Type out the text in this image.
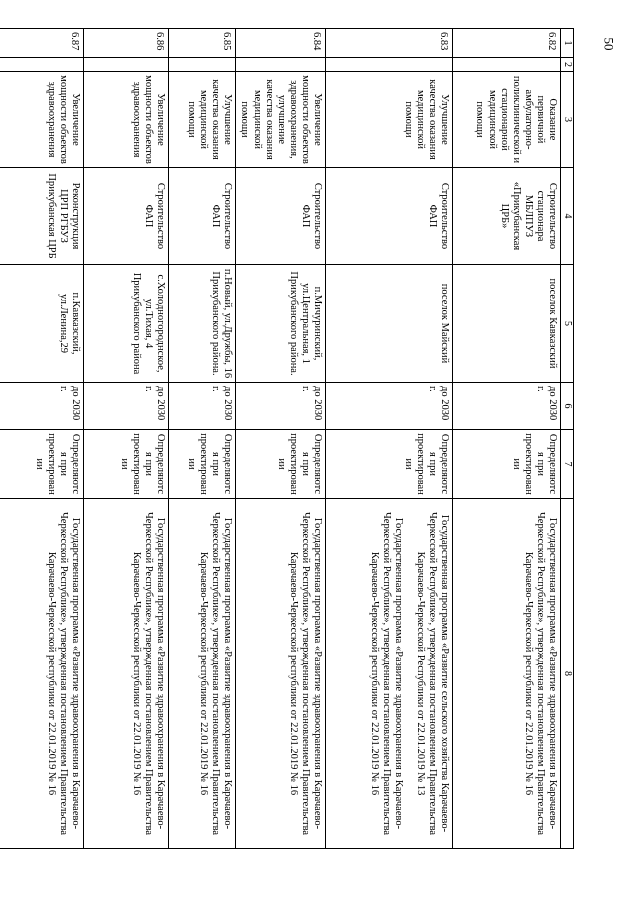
50
1	2	3	4	5	6	7	8
6.82		Оказание первичной амбулаторно-поликлинической и стационарной медицинской помощи	Строительство стационара МБЛПУЗ «Прикубанская ЦРБ»	поселок Кавказский	до 2030 г.	Определяются при проектировании	Государственная программа «Развитие здравоохранения в Карачаево-Черкесской Республике», утвержденная постановлением Правительства Карачаево-Черкесской республики от 22.01.2019 № 16

6.83		Улучшение качества оказания медицинской помощи	Строительство ФАП	поселок Майский	до 2030 г.	Определяются при проектировании	Государственная программа «Развитие сельского хозяйства Карачаево-Черкесской Республике», утвержденная постановлением Правительства Карачаево-Черкесской Республики от 22.01.2019 № 13
Государственная программа «Развитие здравоохранения в Карачаево-Черкесской Республике», утвержденная постановлением Правительства Карачаево-Черкесской республики от 22.01.2019 № 16

6.84		Увеличение мощности объектов здравоохранения, улучшение качества оказания медицинской помощи	Строительство ФАП	п.Мичуринский, ул.Центральная, 1 Прикубанского района.	до 2030 г.	Определяются при проектировании	Государственная программа «Развитие здравоохранения в Карачаево-Черкесской Республике», утвержденная постановлением Правительства Карачаево-Черкесской республики от 22.01.2019 № 16

6.85		Улучшение качества оказания медицинской помощи	Строительство ФАП	п.Новый, ул.Дружбы, 16 Прикубанского района.	до 2030 г.	Определяются при проектировании	Государственная программа «Развитие здравоохранения в Карачаево-Черкесской Республике», утвержденная постановлением Правительства Карачаево-Черкесской республики от 22.01.2019 № 16

6.86		Увеличение мощности объектов здравоохранения	Строительство ФАП	с.Холодногороднское, ул.Тихая, 4 Прикубанского района	до 2030 г.	Определяются при проектировании	Государственная программа «Развитие здравоохранения в Карачаево-Черкесской Республике», утвержденная постановлением Правительства Карачаево-Черкесской республики от 22.01.2019 № 16

6.87		Увеличение мощности объектов здравоохранения	Реконструкция ЦРП РГБУЗ Прикубанская ЦРБ	п.Кавказский, ул.Ленина,29	до 2030 г.	Определяются при проектировании	Государственная программа «Развитие здравоохранения в Карачаево-Черкесской Республике», утвержденная постановлением Правительства Карачаево-Черкесской республики от 22.01.2019 № 16
